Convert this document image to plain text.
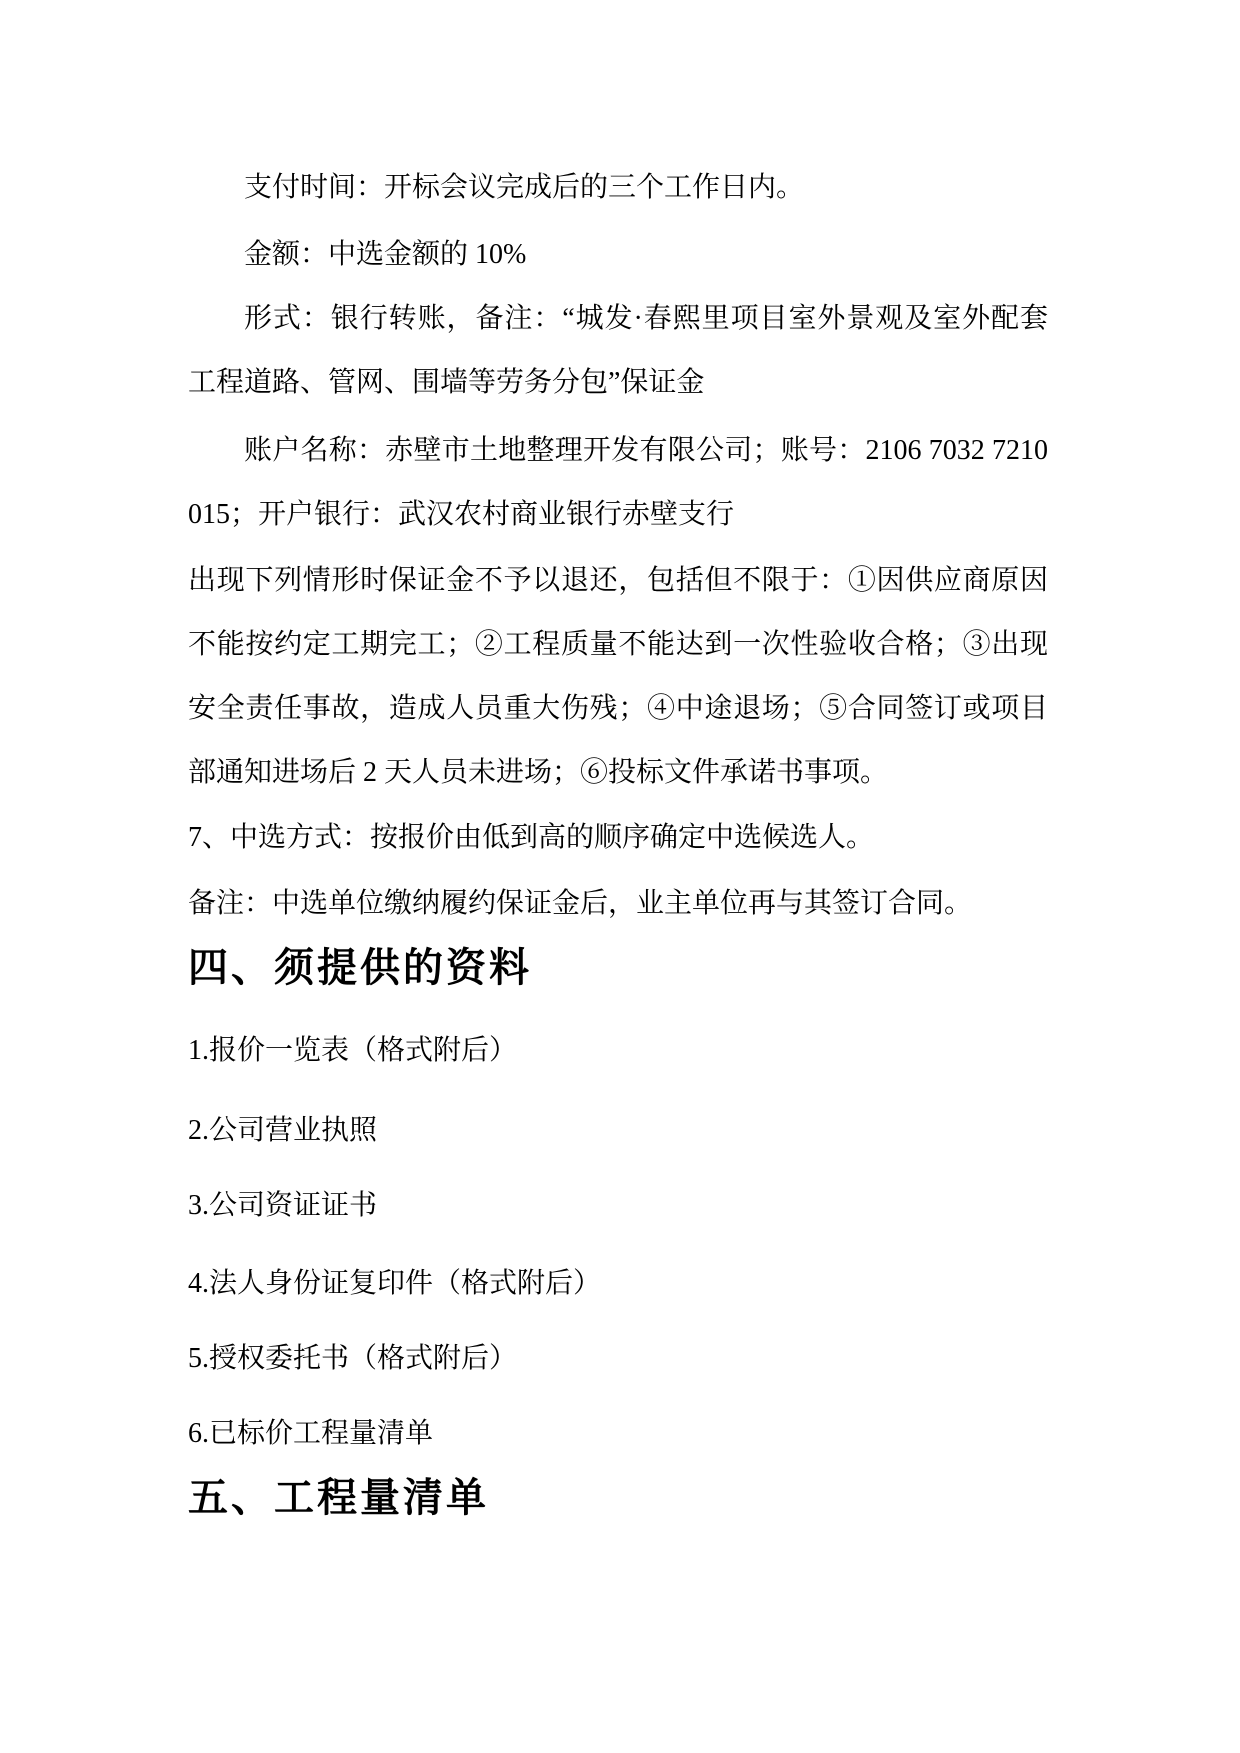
支付时间：开标会议完成后的三个工作日内。

金额：中选金额的 10%

形式：银行转账，备注：“城发·春熙里项目室外景观及室外配套工程道路、管网、围墙等劳务分包”保证金

账户名称：赤壁市土地整理开发有限公司；账号：2106 7032 7210 015；开户银行：武汉农村商业银行赤壁支行

出现下列情形时保证金不予以退还，包括但不限于：①因供应商原因不能按约定工期完工；②工程质量不能达到一次性验收合格；③出现安全责任事故，造成人员重大伤残；④中途退场；⑤合同签订或项目部通知进场后 2 天人员未进场；⑥投标文件承诺书事项。

7、中选方式：按报价由低到高的顺序确定中选候选人。

备注：中选单位缴纳履约保证金后，业主单位再与其签订合同。

四、须提供的资料

1.报价一览表（格式附后）

2.公司营业执照

3.公司资证证书

4.法人身份证复印件（格式附后）

5.授权委托书（格式附后）

6.已标价工程量清单

五、工程量清单
